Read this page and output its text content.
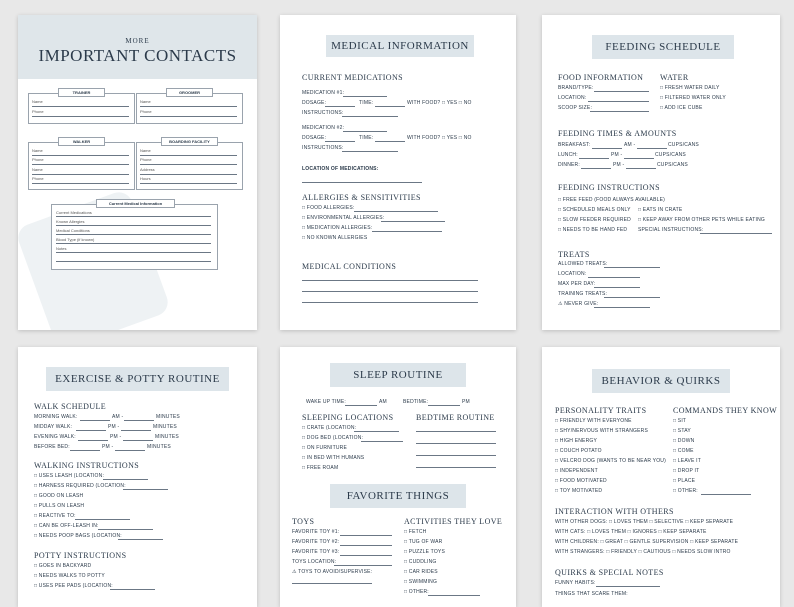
MORE
IMPORTANT CONTACTS
TRAINER
Name
Phone
GROOMER
Name
Phone
WALKER
Name
Phone
Name
Phone
BOARDING FACILITY
Name
Phone
Address
Hours
Current Medical Information
Current Medications
Known Allergies
Medical Conditions
Blood Type (if known)
Notes
MEDICAL INFORMATION
CURRENT MEDICATIONS
MEDICATION #1:
DOSAGE:	TIME:	WITH FOOD? □ YES □ NO
INSTRUCTIONS:
MEDICATION #2:
DOSAGE:	TIME:	WITH FOOD? □ YES □ NO
INSTRUCTIONS:
LOCATION OF MEDICATIONS:
ALLERGIES & SENSITIVITIES
□ FOOD ALLERGIES:
□ ENVIRONMENTAL ALLERGIES:
□ MEDICATION ALLERGIES:
□ NO KNOWN ALLERGIES
MEDICAL CONDITIONS
FEEDING SCHEDULE
FOOD INFORMATION
BRAND/TYPE:
LOCATION:
SCOOP SIZE:
WATER
□ FRESH WATER DAILY
□ FILTERED WATER ONLY
□ ADD ICE CUBE
FEEDING TIMES & AMOUNTS
BREAKFAST:	AM -	CUPS/CANS
LUNCH:	PM -	CUPS/CANS
DINNER:	PM -	CUPS/CANS
FEEDING INSTRUCTIONS
□ FREE FEED (FOOD ALWAYS AVAILABLE)
□ SCHEDULED MEALS ONLY
□ SLOW FEEDER REQUIRED
□ NEEDS TO BE HAND FED
□ EATS IN CRATE
□ KEEP AWAY FROM OTHER PETS WHILE EATING
SPECIAL INSTRUCTIONS:
TREATS
ALLOWED TREATS:
LOCATION:
MAX PER DAY:
TRAINING TREATS:
⚠ NEVER GIVE:
EXERCISE & POTTY ROUTINE
WALK SCHEDULE
MORNING WALK:	AM -	MINUTES
MIDDAY WALK:	PM -	MINUTES
EVENING WALK:	PM -	MINUTES
BEFORE BED:	PM -	MINUTES
WALKING INSTRUCTIONS
□ USES LEASH (LOCATION:
□ HARNESS REQUIRED (LOCATION:
□ GOOD ON LEASH
□ PULLS ON LEASH
□ REACTIVE TO:
□ CAN BE OFF-LEASH IN:
□ NEEDS POOP BAGS (LOCATION:
POTTY INSTRUCTIONS
□ GOES IN BACKYARD
□ NEEDS WALKS TO POTTY
□ USES PEE PADS (LOCATION:
SLEEP ROUTINE
WAKE UP TIME:	AM	BEDTIME:	PM
SLEEPING LOCATIONS
□ CRATE (LOCATION:
□ DOG BED (LOCATION:
□ ON FURNITURE
□ IN BED WITH HUMANS
□ FREE ROAM
BEDTIME ROUTINE
FAVORITE THINGS
TOYS
FAVORITE TOY #1:
FAVORITE TOY #2:
FAVORITE TOY #3:
TOYS LOCATION:
⚠ TOYS TO AVOID/SUPERVISE:
ACTIVITIES THEY LOVE
□ FETCH
□ TUG OF WAR
□ PUZZLE TOYS
□ CUDDLING
□ CAR RIDES
□ SWIMMING
□ OTHER:
BEHAVIOR & QUIRKS
PERSONALITY TRAITS
□ FRIENDLY WITH EVERYONE
□ SHY/NERVOUS WITH STRANGERS
□ HIGH ENERGY
□ COUCH POTATO
□ VELCRO DOG (WANTS TO BE NEAR YOU)
□ INDEPENDENT
□ FOOD MOTIVATED
□ TOY MOTIVATED
COMMANDS THEY KNOW
□ SIT
□ STAY
□ DOWN
□ COME
□ LEAVE IT
□ DROP IT
□ PLACE
□ OTHER:
INTERACTION WITH OTHERS
WITH OTHER DOGS: □ LOVES THEM □ SELECTIVE □ KEEP SEPARATE
WITH CATS: □ LOVES THEM □ IGNORES □ KEEP SEPARATE
WITH CHILDREN: □ GREAT □ GENTLE SUPERVISION □ KEEP SEPARATE
WITH STRANGERS: □ FRIENDLY □ CAUTIOUS □ NEEDS SLOW INTRO
QUIRKS & SPECIAL NOTES
FUNNY HABITS:
THINGS THAT SCARE THEM:
